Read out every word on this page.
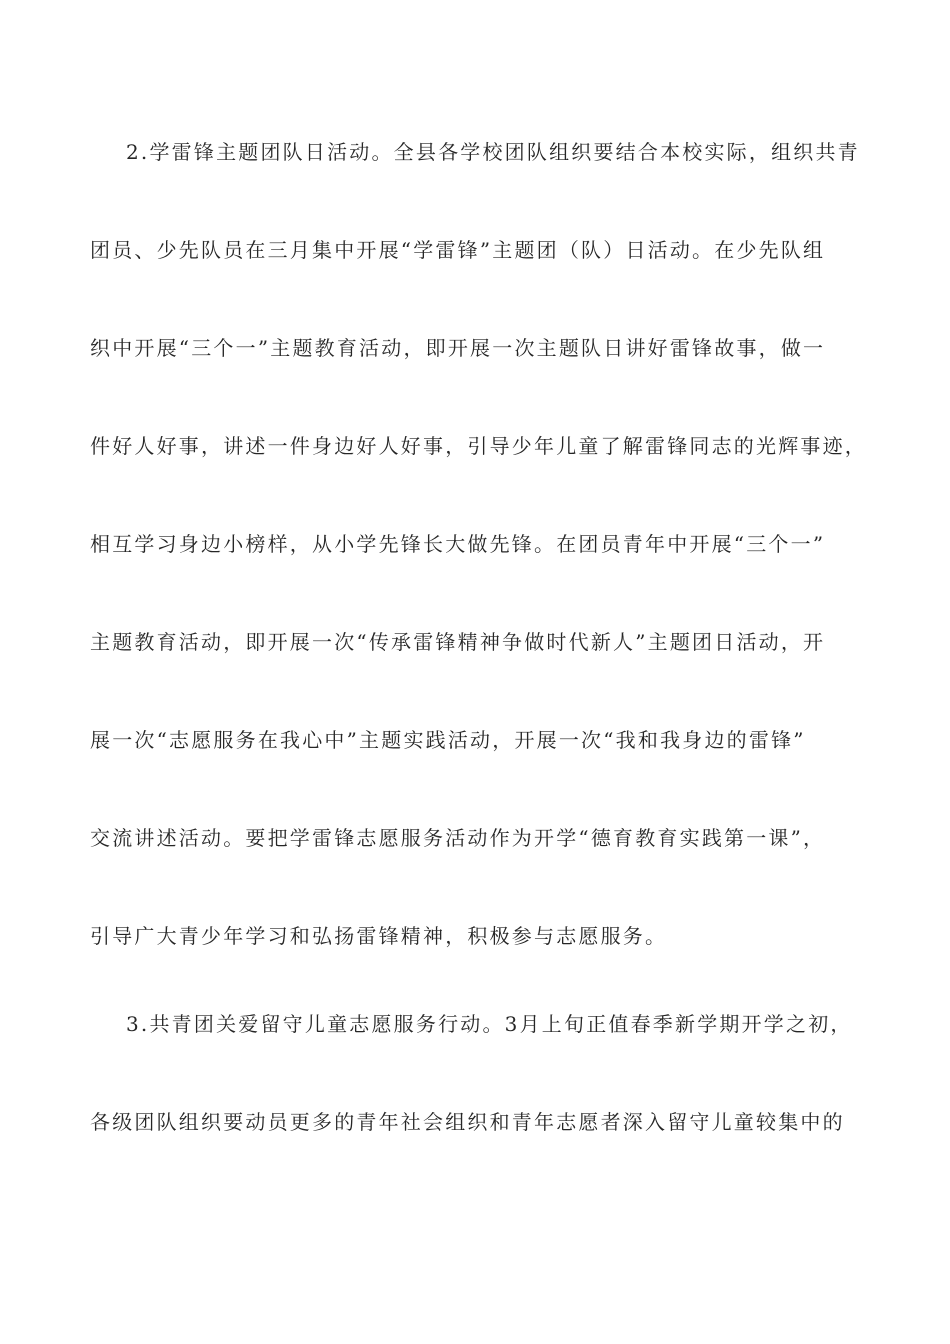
2.学雷锋主题团队日活动。全县各学校团队组织要结合本校实际，组织共青
团员、少先队员在三月集中开展“学雷锋”主题团（队）日活动。在少先队组
织中开展“三个一”主题教育活动，即开展一次主题队日讲好雷锋故事，做一
件好人好事，讲述一件身边好人好事，引导少年儿童了解雷锋同志的光辉事迹，
相互学习身边小榜样，从小学先锋长大做先锋。在团员青年中开展“三个一”
主题教育活动，即开展一次“传承雷锋精神争做时代新人”主题团日活动，开
展一次“志愿服务在我心中”主题实践活动，开展一次“我和我身边的雷锋”
交流讲述活动。要把学雷锋志愿服务活动作为开学“德育教育实践第一课”，
引导广大青少年学习和弘扬雷锋精神，积极参与志愿服务。
3.共青团关爱留守儿童志愿服务行动。3月上旬正值春季新学期开学之初，
各级团队组织要动员更多的青年社会组织和青年志愿者深入留守儿童较集中的
